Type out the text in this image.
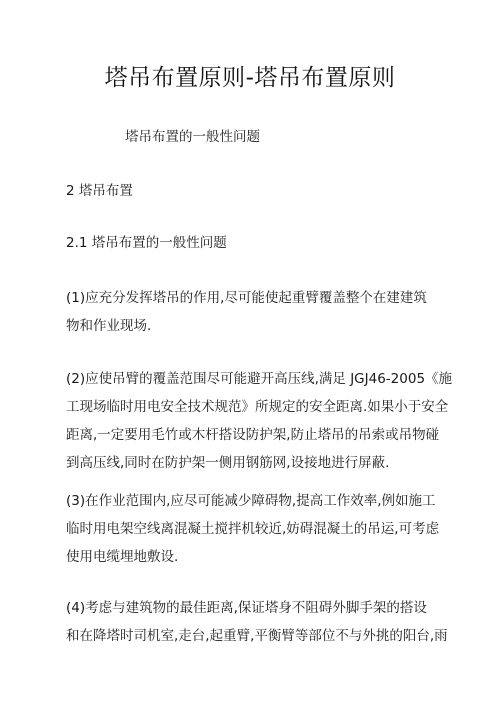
塔吊布置原则-塔吊布置原则
塔吊布置的一般性问题
2 塔吊布置
2.1 塔吊布置的一般性问题
(1)应充分发挥塔吊的作用,尽可能使起重臂覆盖整个在建建筑
物和作业现场.
(2)应使吊臂的覆盖范围尽可能避开高压线,满足 JGJ46-2005《施
工现场临时用电安全技术规范》所规定的安全距离.如果小于安全
距离,一定要用毛竹或木杆搭设防护架,防止塔吊的吊索或吊物碰
到高压线,同时在防护架一侧用钢筋网,设接地进行屏蔽.
(3)在作业范围内,应尽可能减少障碍物,提高工作效率,例如施工
临时用电架空线离混凝土搅拌机较近,妨碍混凝土的吊运,可考虑
使用电缆埋地敷设.
(4)考虑与建筑物的最佳距离,保证塔身不阻碍外脚手架的搭设
和在降塔时司机室,走台,起重臂,平衡臂等部位不与外挑的阳台,雨
